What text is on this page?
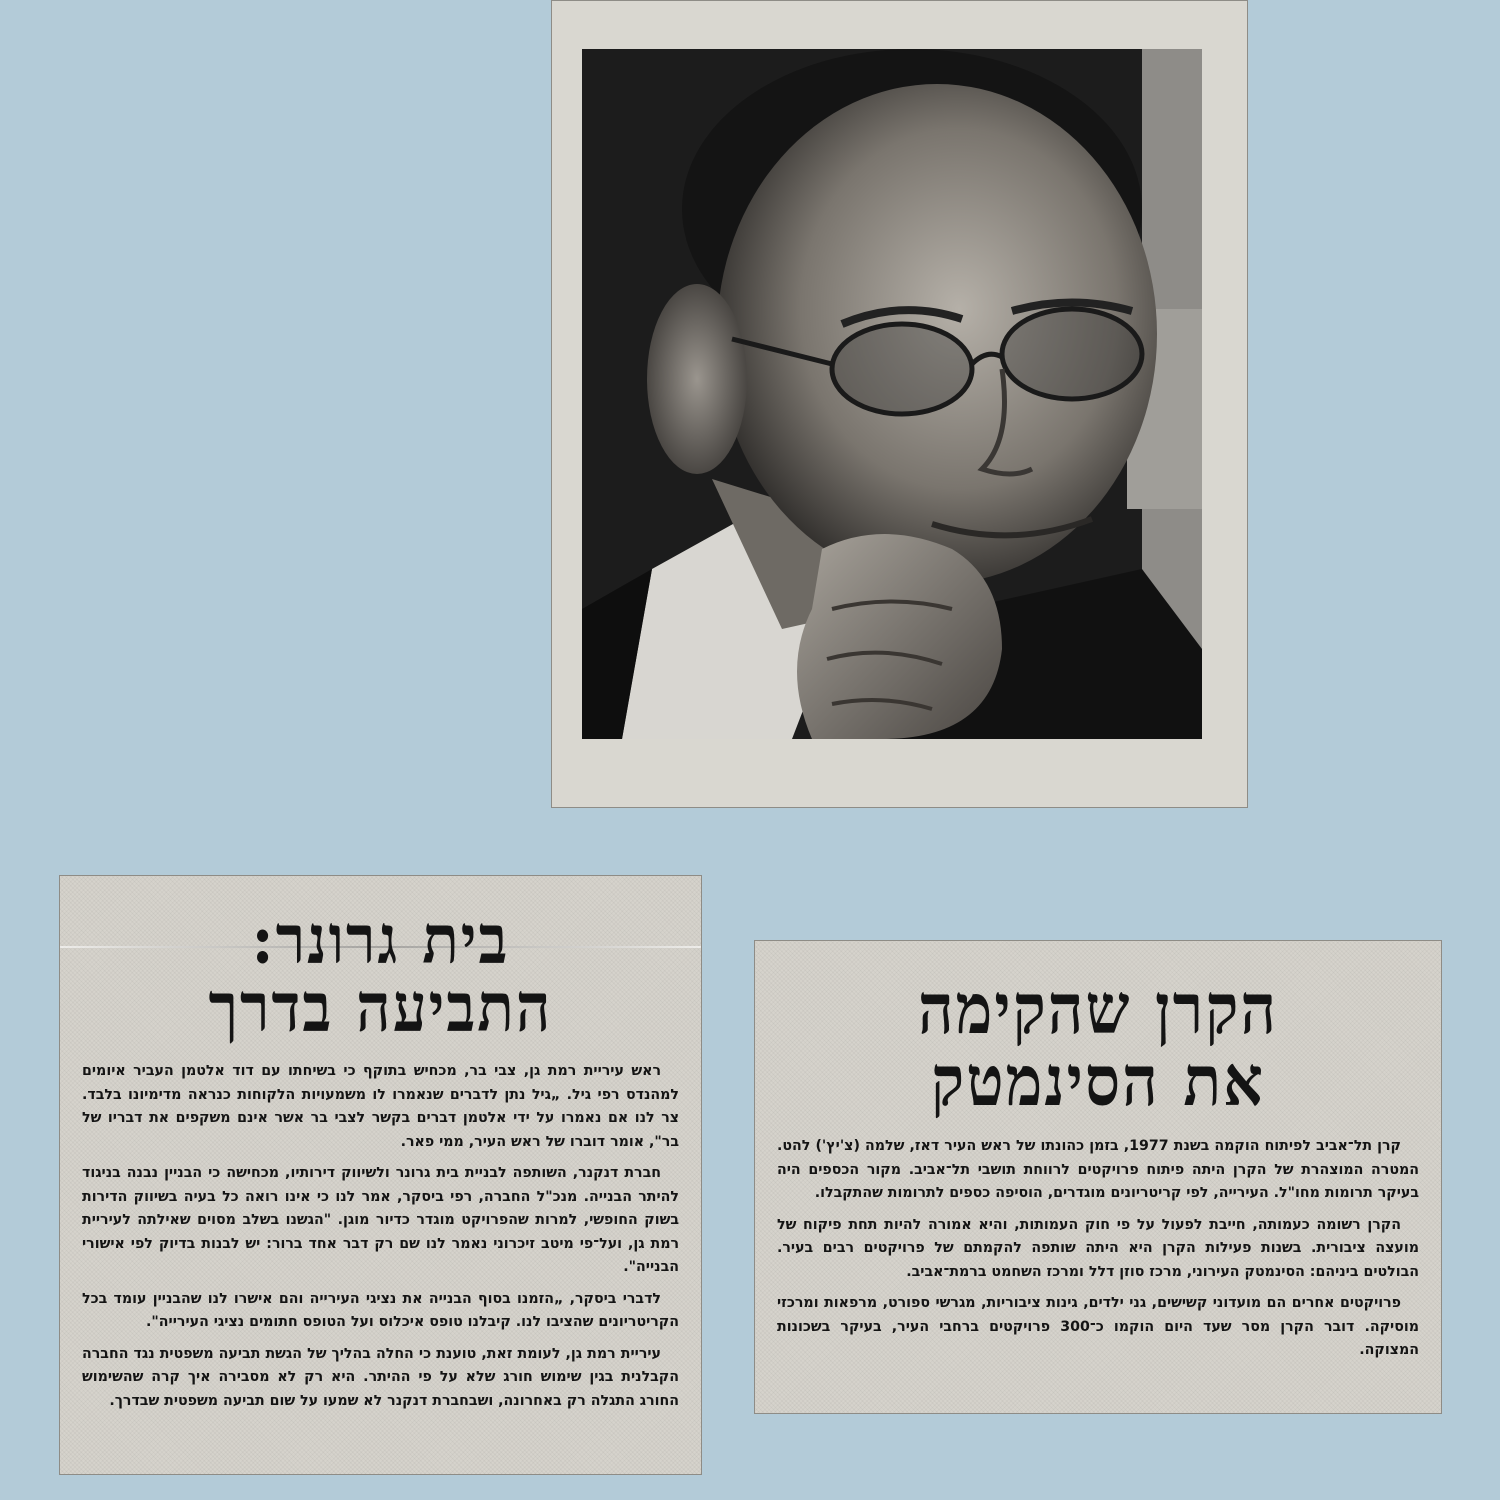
בית גרונר:

התביעה בדרך

ראש עיריית רמת גן, צבי בר, מכחיש בתוקף כי בשיחתו עם דוד אלטמן העביר איומים למהנדס רפי גיל. „גיל נתן לדברים שנאמרו לו משמעויות הלקוחות כנראה מדימיונו בלבד. צר לנו אם נאמרו על ידי אלטמן דברים בקשר לצבי בר אשר אינם משקפים את דבריו של בר", אומר דוברו של ראש העיר, ממי פאר.

חברת דנקנר, השותפה לבניית בית גרונר ולשיווק דירותיו, מכחישה כי הבניין נבנה בניגוד להיתר הבנייה. מנכ"ל החברה, רפי ביסקר, אמר לנו כי אינו רואה כל בעיה בשיווק הדירות בשוק החופשי, למרות שהפרויקט מוגדר כדיור מוגן. "הגשנו בשלב מסוים שאילתה לעיריית רמת גן, ועל־פי מיטב זיכרוני נאמר לנו שם רק דבר אחד ברור: יש לבנות בדיוק לפי אישורי הבנייה".

לדברי ביסקר, „הזמנו בסוף הבנייה את נציגי העירייה והם אישרו לנו שהבניין עומד בכל הקריטריונים שהציבו לנו. קיבלנו טופס איכלוס ועל הטופס חתומים נציגי העירייה".

עיריית רמת גן, לעומת זאת, טוענת כי החלה בהליך של הגשת תביעה משפטית נגד החברה הקבלנית בגין שימוש חורג שלא על פי ההיתר. היא רק לא מסבירה איך קרה שהשימוש החורג התגלה רק באחרונה, ושבחברת דנקנר לא שמעו על שום תביעה משפטית שבדרך.

הקרן שהקימה

את הסינמטק

קרן תל־אביב לפיתוח הוקמה בשנת 1977, בזמן כהונתו של ראש העיר דאז, שלמה (צ'יץ') להט. המטרה המוצהרת של הקרן היתה פיתוח פרויקטים לרווחת תושבי תל־אביב. מקור הכספים היה בעיקר תרומות מחו"ל. העירייה, לפי קריטריונים מוגדרים, הוסיפה כספים לתרומות שהתקבלו.

הקרן רשומה כעמותה, חייבת לפעול על פי חוק העמותות, והיא אמורה להיות תחת פיקוח של מועצה ציבורית. בשנות פעילות הקרן היא היתה שותפה להקמתם של פרויקטים רבים בעיר. הבולטים ביניהם: הסינמטק העירוני, מרכז סוזן דלל ומרכז השחמט ברמת־אביב.

פרויקטים אחרים הם מועדוני קשישים, גני ילדים, גינות ציבוריות, מגרשי ספורט, מרפאות ומרכזי מוסיקה. דובר הקרן מסר שעד היום הוקמו כ־300 פרויקטים ברחבי העיר, בעיקר בשכונות המצוקה.
